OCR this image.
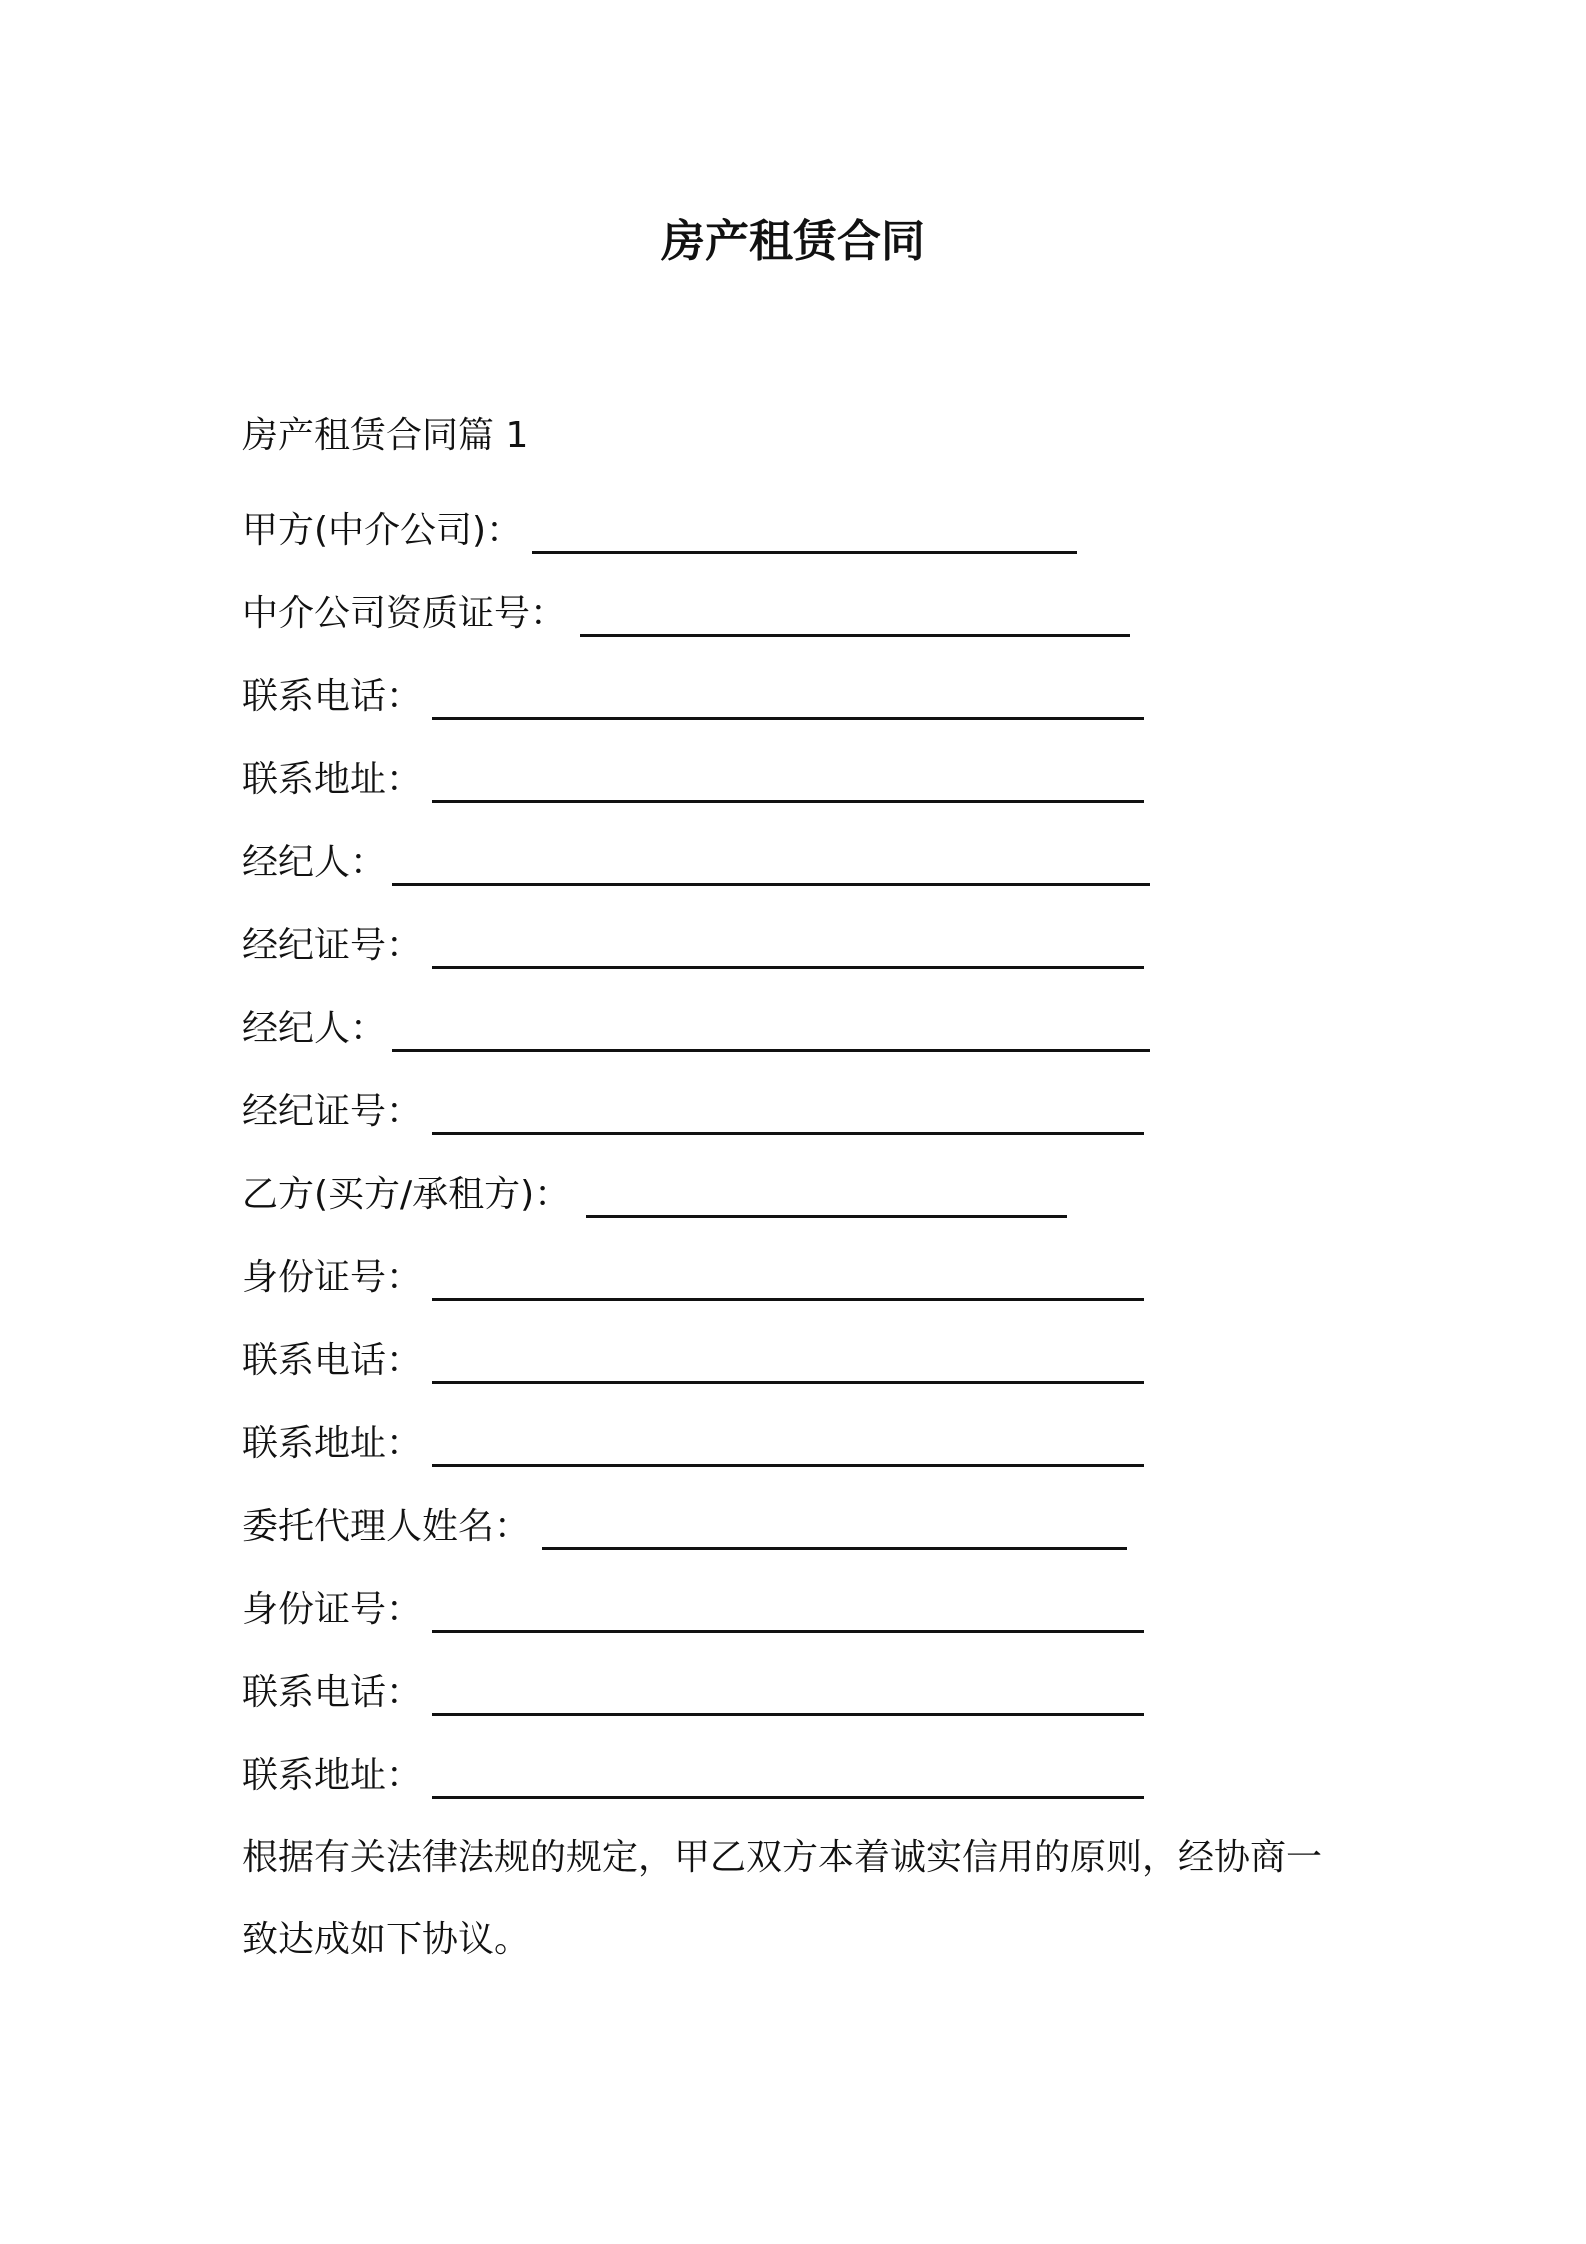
房产租赁合同
房产租赁合同篇 1
甲方(中介公司)：
中介公司资质证号：
联系电话：
联系地址：
经纪人：
经纪证号：
经纪人：
经纪证号：
乙方(买方/承租方)：
身份证号：
联系电话：
联系地址：
委托代理人姓名：
身份证号：
联系电话：
联系地址：
根据有关法律法规的规定，甲乙双方本着诚实信用的原则，经协商一
致达成如下协议。
